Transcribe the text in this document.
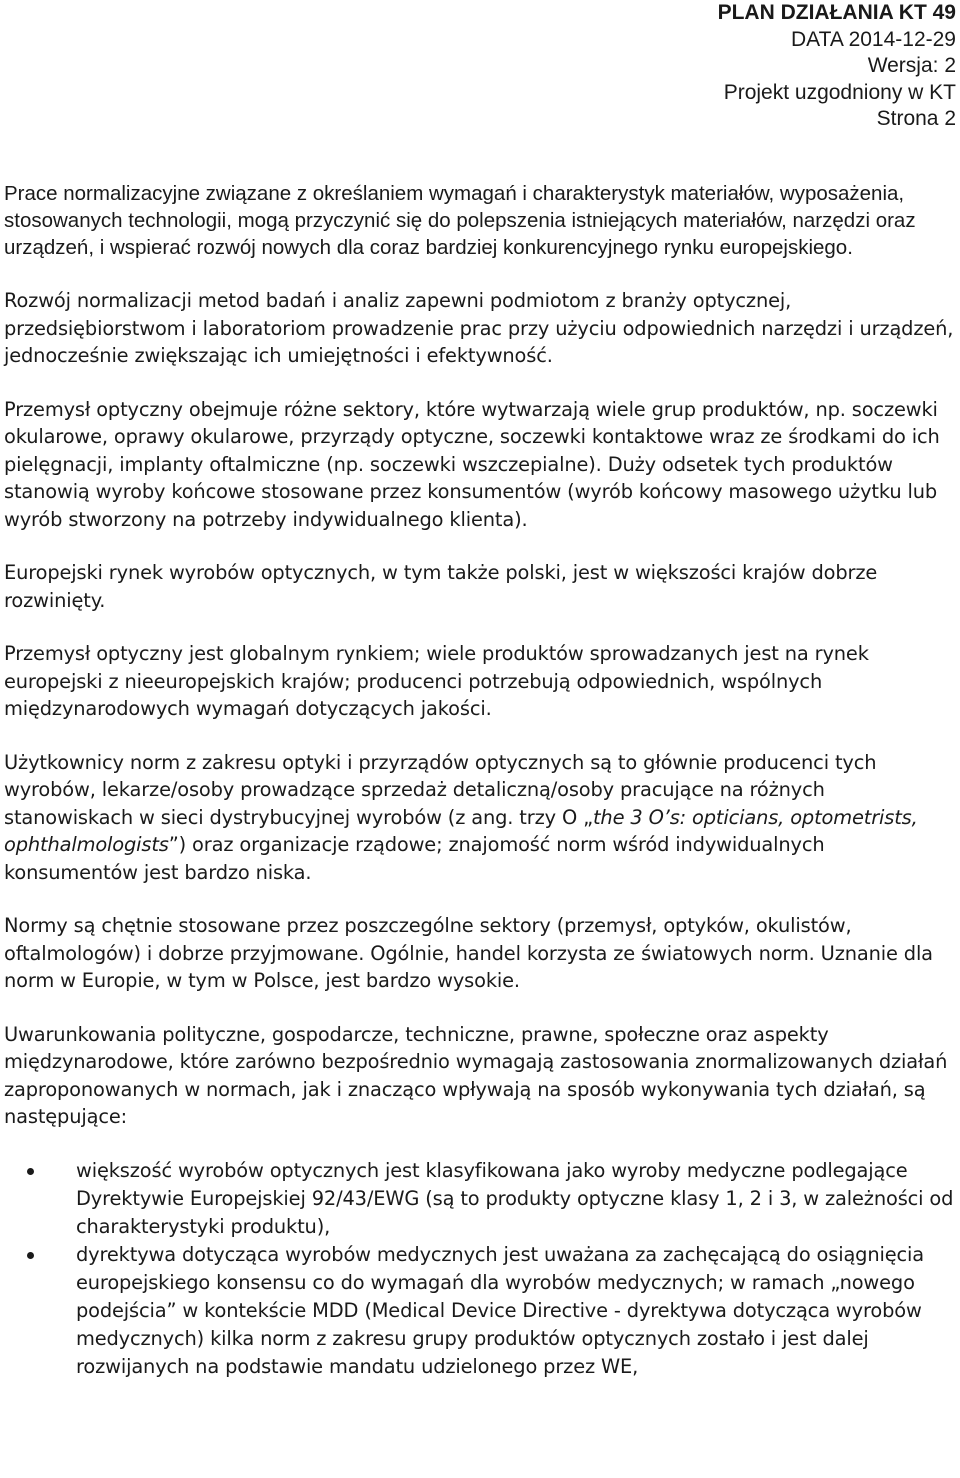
PLAN DZIAŁANIA KT 49
DATA 2014-12-29
Wersja: 2
Projekt uzgodniony w KT
Strona 2

Prace normalizacyjne związane z określaniem wymagań i charakterystyk materiałów, wyposażenia, stosowanych technologii, mogą przyczynić się do polepszenia istniejących materiałów, narzędzi oraz urządzeń, i wspierać rozwój nowych dla coraz bardziej konkurencyjnego rynku europejskiego.

Rozwój normalizacji metod badań i analiz zapewni podmiotom z branży optycznej, przedsiębiorstwom i laboratoriom prowadzenie prac przy użyciu odpowiednich narzędzi i urządzeń, jednocześnie zwiększając ich umiejętności i efektywność.

Przemysł optyczny obejmuje różne sektory, które wytwarzają wiele grup produktów, np. soczewki okularowe, oprawy okularowe, przyrządy optyczne, soczewki kontaktowe wraz ze środkami do ich pielęgnacji, implanty oftalmiczne (np. soczewki wszczepialne). Duży odsetek tych produktów stanowią wyroby końcowe stosowane przez konsumentów (wyrób końcowy masowego użytku lub wyrób stworzony na potrzeby indywidualnego klienta).

Europejski rynek wyrobów optycznych, w tym także polski, jest w większości krajów dobrze rozwinięty.

Przemysł optyczny jest globalnym rynkiem; wiele produktów sprowadzanych jest na rynek europejski z nieeuropejskich krajów; producenci potrzebują odpowiednich, wspólnych międzynarodowych wymagań dotyczących jakości.

Użytkownicy norm z zakresu optyki i przyrządów optycznych są to głównie producenci tych wyrobów, lekarze/osoby prowadzące sprzedaż detaliczną/osoby pracujące na różnych stanowiskach w sieci dystrybucyjnej wyrobów (z ang. trzy O „the 3 O’s: opticians, optometrists, ophthalmologists”) oraz organizacje rządowe; znajomość norm wśród indywidualnych konsumentów jest bardzo niska.

Normy są chętnie stosowane przez poszczególne sektory (przemysł, optyków, okulistów, oftalmologów) i dobrze przyjmowane. Ogólnie, handel korzysta ze światowych norm. Uznanie dla norm w Europie, w tym w Polsce, jest bardzo wysokie.

Uwarunkowania polityczne, gospodarcze, techniczne, prawne, społeczne oraz aspekty międzynarodowe, które zarówno bezpośrednio wymagają zastosowania znormalizowanych działań zaproponowanych w normach, jak i znacząco wpływają na sposób wykonywania tych działań, są następujące:

większość wyrobów optycznych jest klasyfikowana jako wyroby medyczne podlegające Dyrektywie Europejskiej 92/43/EWG (są to produkty optyczne klasy 1, 2 i 3, w zależności od charakterystyki produktu),
dyrektywa dotycząca wyrobów medycznych jest uważana za zachęcającą do osiągnięcia europejskiego konsensu co do wymagań dla wyrobów medycznych; w ramach „nowego podejścia” w kontekście MDD (Medical Device Directive - dyrektywa dotycząca wyrobów medycznych) kilka norm z zakresu grupy produktów optycznych zostało i jest dalej rozwijanych na podstawie mandatu udzielonego przez WE,
